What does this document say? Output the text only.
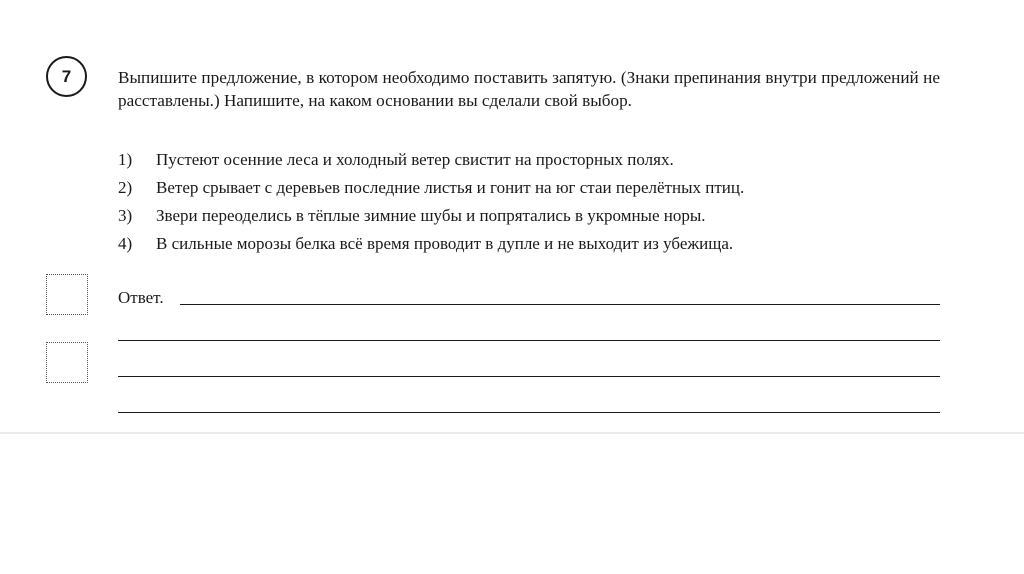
7	Выпишите предложение, в котором необходимо поставить запятую. (Знаки препинания внутри предложений не расставлены.) Напишите, на каком основании вы сделали свой выбор.
1)	Пустеют осенние леса и холодный ветер свистит на просторных полях.
2)	Ветер срывает с деревьев последние листья и гонит на юг стаи перелётных птиц.
3)	Звери переоделись в тёплые зимние шубы и попрятались в укромные норы.
4)	В сильные морозы белка всё время проводит в дупле и не выходит из убежища.
Ответ.
